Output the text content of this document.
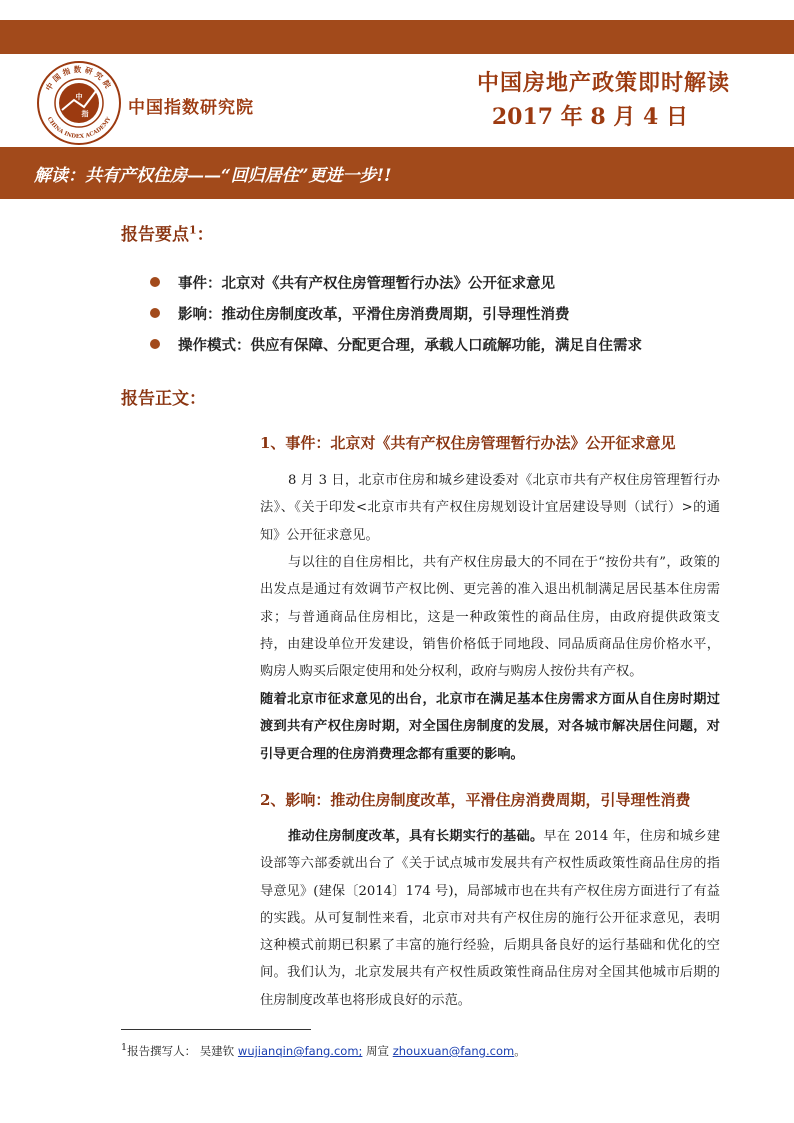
中
指
中国指数研究院
CHINA INDEX ACADEMY
中国指数研究院
中国房地产政策即时解读
2017 年 8 月 4 日
解读：共有产权住房——“回归居住”更进一步!!
报告要点$^1$：
事件：北京对《共有产权住房管理暂行办法》公开征求意见
影响：推动住房制度改革，平滑住房消费周期，引导理性消费
操作模式：供应有保障、分配更合理，承载人口疏解功能，满足自住需求
报告正文：
1、事件：北京对《共有产权住房管理暂行办法》公开征求意见
8 月 3 日，北京市住房和城乡建设委对《北京市共有产权住房管理暂行办法》、《关于印发<北京市共有产权住房规划设计宜居建设导则（试行）>的通知》公开征求意见。
与以往的自住房相比，共有产权住房最大的不同在于“按份共有”，政策的出发点是通过有效调节产权比例、更完善的准入退出机制满足居民基本住房需求；与普通商品住房相比，这是一种政策性的商品住房，由政府提供政策支持，由建设单位开发建设，销售价格低于同地段、同品质商品住房价格水平，购房人购买后限定使用和处分权利，政府与购房人按份共有产权。
随着北京市征求意见的出台，北京市在满足基本住房需求方面从自住房时期过渡到共有产权住房时期，对全国住房制度的发展，对各城市解决居住问题，对引导更合理的住房消费理念都有重要的影响。
2、影响：推动住房制度改革，平滑住房消费周期，引导理性消费
推动住房制度改革，具有长期实行的基础。早在 2014 年，住房和城乡建设部等六部委就出台了《关于试点城市发展共有产权性质政策性商品住房的指导意见》(建保〔2014〕174 号)，局部城市也在共有产权住房方面进行了有益的实践。从可复制性来看，北京市对共有产权住房的施行公开征求意见，表明这种模式前期已积累了丰富的施行经验，后期具备良好的运行基础和优化的空间。我们认为，北京发展共有产权性质政策性商品住房对全国其他城市后期的住房制度改革也将形成良好的示范。
$^1$报告撰写人： 吴建钦 wujianqin@fang.com; 周宣 zhouxuan@fang.com。
